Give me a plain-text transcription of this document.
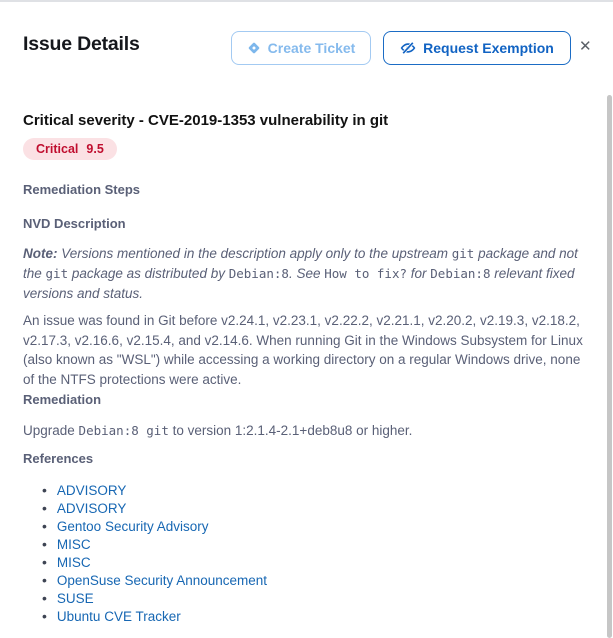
Issue Details	Create Ticket	Request Exemption ✕
Critical severity - CVE-2019-1353 vulnerability in git
Critical 9.5
Remediation Steps
NVD Description
Note: Versions mentioned in the description apply only to the upstream git package and not the git package as distributed by Debian:8. See How to fix? for Debian:8 relevant fixed versions and status.
An issue was found in Git before v2.24.1, v2.23.1, v2.22.2, v2.21.1, v2.20.2, v2.19.3, v2.18.2, v2.17.3, v2.16.6, v2.15.4, and v2.14.6. When running Git in the Windows Subsystem for Linux (also known as "WSL") while accessing a working directory on a regular Windows drive, none of the NTFS protections were active.
Remediation
Upgrade Debian:8 git to version 1:2.1.4-2.1+deb8u8 or higher.
References
• ADVISORY
• ADVISORY
• Gentoo Security Advisory
• MISC
• MISC
• OpenSuse Security Announcement
• SUSE
• Ubuntu CVE Tracker
